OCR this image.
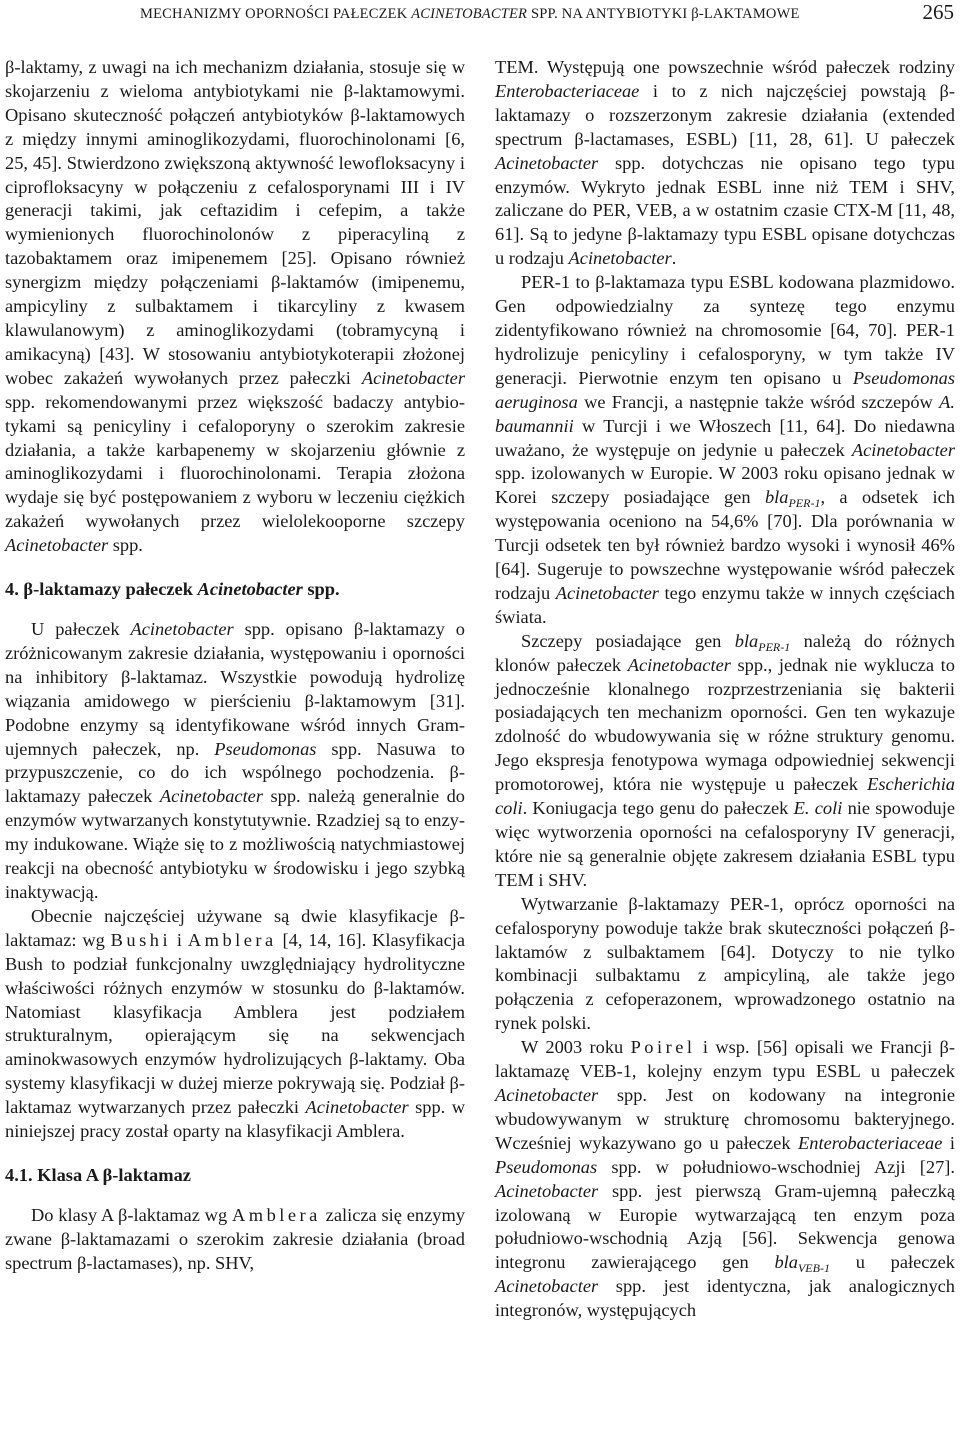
MECHANIZMY OPORNOŚCI PAŁECZEK ACINETOBACTER SPP. NA ANTYBIOTYKI β-LAKTAMOWE	265

β-laktamy, z uwagi na ich mechanizm działania, stosuje się w skojarzeniu z wieloma antybiotykami nie β-laktamowymi. Opisano skuteczność połączeń antybiotyków β-laktamowych z między innymi aminoglikozydami, fluorochinolonami [6, 25, 45]. Stwierdzono zwiększoną aktywność lewofloksacyny i ciprofloksacyny w połączeniu z cefalosporynami III i IV generacji takimi, jak ceftazidim i cefepim, a także wymienionych fluorochinolonów z piperacyliną z tazobaktamem oraz imipenemem [25]. Opisano również synergizm między połączeniami β-laktamów (imipenemu, ampicyliny z sulbaktamem i tikarcyliny z kwasem klawulanowym) z aminoglikozydami (tobramycyną i amikacyną) [43]. W stosowaniu antybiotykoterapii złożonej wobec zakażeń wywołanych przez pałeczki Acinetobacter spp. rekomendowanymi przez większość badaczy antybiotykami są penicyliny i cefaloporyny o szerokim zakresie działania, a także karbapenemy w skojarzeniu głównie z aminoglikozydami i fluorochinolonami. Terapia złożona wydaje się być postępowaniem z wyboru w leczeniu ciężkich zakażeń wywołanych przez wielolekooporne szczepy Acinetobacter spp.

4. β-laktamazy pałeczek Acinetobacter spp.

U pałeczek Acinetobacter spp. opisano β-laktamazy o zróżnicowanym zakresie działania, występowaniu i oporności na inhibitory β-laktamaz. Wszystkie powodują hydrolizę wiązania amidowego w pierścieniu β-laktamowym [31]. Podobne enzymy są identyfikowane wśród innych Gram-ujemnych pałeczek, np. Pseudomonas spp. Nasuwa to przypuszczenie, co do ich wspólnego pochodzenia. β-laktamazy pałeczek Acinetobacter spp. należą generalnie do enzymów wytwarzanych konstytutywnie. Rzadziej są to enzymy indukowane. Wiąże się to z możliwością natychmiastowej reakcji na obecność antybiotyku w środowisku i jego szybką inaktywacją.

Obecnie najczęściej używane są dwie klasyfikacje β-laktamaz: wg Bushi i Amblera [4, 14, 16]. Klasyfikacja Bush to podział funkcjonalny uwzględniający hydrolityczne właściwości różnych enzymów w stosunku do β-laktamów. Natomiast klasyfikacja Amblera jest podziałem strukturalnym, opierającym się na sekwencjach aminokwasowych enzymów hydrolizujących β-laktamy. Oba systemy klasyfikacji w dużej mierze pokrywają się. Podział β-laktamaz wytwarzanych przez pałeczki Acinetobacter spp. w niniejszej pracy został oparty na klasyfikacji Amblera.

4.1. Klasa A β-laktamaz

Do klasy A β-laktamaz wg Amblera zalicza się enzymy zwane β-laktamazami o szerokim zakresie działania (broad spectrum β-lactamases), np. SHV,

TEM. Występują one powszechnie wśród pałeczek rodziny Enterobacteriaceae i to z nich najczęściej powstają β-laktamazy o rozszerzonym zakresie działania (extended spectrum β-lactamases, ESBL) [11, 28, 61]. U pałeczek Acinetobacter spp. dotychczas nie opisano tego typu enzymów. Wykryto jednak ESBL inne niż TEM i SHV, zaliczane do PER, VEB, a w ostatnim czasie CTX-M [11, 48, 61]. Są to jedyne β-laktamazy typu ESBL opisane dotychczas u rodzaju Acinetobacter.

PER-1 to β-laktamaza typu ESBL kodowana plazmidowo. Gen odpowiedzialny za syntezę tego enzymu zidentyfikowano również na chromosomie [64, 70]. PER-1 hydrolizuje penicyliny i cefalosporyny, w tym także IV generacji. Pierwotnie enzym ten opisano u Pseudomonas aeruginosa we Francji, a następnie także wśród szczepów A. baumannii w Turcji i we Włoszech [11, 64]. Do niedawna uważano, że występuje on jedynie u pałeczek Acinetobacter spp. izolowanych w Europie. W 2003 roku opisano jednak w Korei szczepy posiadające gen bla$_{PER-1}$, a odsetek ich występowania oceniono na 54,6% [70]. Dla porównania w Turcji odsetek ten był również bardzo wysoki i wynosił 46% [64]. Sugeruje to powszechne występowanie wśród pałeczek rodzaju Acinetobacter tego enzymu także w innych częściach świata.

Szczepy posiadające gen bla$_{PER-1}$ należą do różnych klonów pałeczek Acinetobacter spp., jednak nie wyklucza to jednocześnie klonalnego rozprzestrzeniania się bakterii posiadających ten mechanizm oporności. Gen ten wykazuje zdolność do wbudowywania się w różne struktury genomu. Jego ekspresja fenotypowa wymaga odpowiedniej sekwencji promotorowej, która nie występuje u pałeczek Escherichia coli. Koniugacja tego genu do pałeczek E. coli nie spowoduje więc wytworzenia oporności na cefalosporyny IV generacji, które nie są generalnie objęte zakresem działania ESBL typu TEM i SHV.

Wytwarzanie β-laktamazy PER-1, oprócz oporności na cefalosporyny powoduje także brak skuteczności połączeń β-laktamów z sulbaktamem [64]. Dotyczy to nie tylko kombinacji sulbaktamu z ampicyliną, ale także jego połączenia z cefoperazonem, wprowadzonego ostatnio na rynek polski.

W 2003 roku Poirel i wsp. [56] opisali we Francji β-laktamazę VEB-1, kolejny enzym typu ESBL u pałeczek Acinetobacter spp. Jest on kodowany na integronie wbudowywanym w strukturę chromosomu bakteryjnego. Wcześniej wykazywano go u pałeczek Enterobacteriaceae i Pseudomonas spp. w południowo-wschodniej Azji [27]. Acinetobacter spp. jest pierwszą Gram-ujemną pałeczką izolowaną w Europie wytwarzającą ten enzym poza południowo-wschodnią Azją [56]. Sekwencja genowa integronu zawierającego gen bla$_{VEB-1}$ u pałeczek Acinetobacter spp. jest identyczna, jak analogicznych integronów, występujących
